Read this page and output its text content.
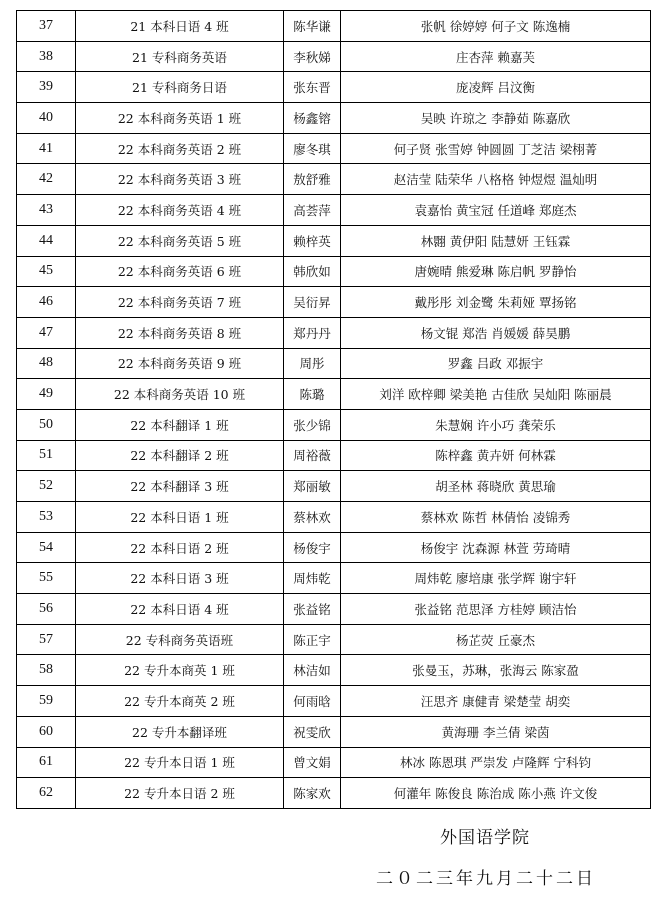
37	21 本科日语 4 班	陈华谦	张帆 徐婷婷 何子文 陈逸楠
38	21 专科商务英语	李秋娣	庄杏萍 赖嘉芙
39	21 专科商务日语	张东晋	庞凌辉 吕汶衡
40	22 本科商务英语 1 班	杨鑫镕	吴映 许琼之 李静茹 陈嘉欣
41	22 本科商务英语 2 班	廖冬琪	何子贤 张雪婷 钟圆圆 丁芝洁 梁栩菁
42	22 本科商务英语 3 班	敖舒雅	赵洁莹 陆荣华 八格格 钟煜煜 温灿明
43	22 本科商务英语 4 班	高荟萍	袁嘉怡 黄宝冠 任道峰 郑庭杰
44	22 本科商务英语 5 班	赖梓英	林翾 黄伊阳 陆慧妍 王钰霖
45	22 本科商务英语 6 班	韩欣如	唐婉晴 熊爱琳 陈启帆 罗静怡
46	22 本科商务英语 7 班	吴衍昇	戴彤彤 刘金鹭 朱莉娅 覃扬铭
47	22 本科商务英语 8 班	郑丹丹	杨文锟 郑浩 肖媛媛 薛昊鹏
48	22 本科商务英语 9 班	周彤	罗鑫 吕政 邓振宇
49	22 本科商务英语 10 班	陈璐	刘洋 欧梓卿 梁美艳 古佳欣 吴灿阳 陈丽晨
50	22 本科翻译 1 班	张少锦	朱慧娴 许小巧 龚荣乐
51	22 本科翻译 2 班	周裕薇	陈梓鑫 黄卉妍 何林霖
52	22 本科翻译 3 班	郑丽敏	胡圣林 蒋晓欣 黄思瑜
53	22 本科日语 1 班	蔡林欢	蔡林欢 陈哲 林倩怡 凌锦秀
54	22 本科日语 2 班	杨俊宇	杨俊宇 沈森源 林萱 劳琦晴
55	22 本科日语 3 班	周炜乾	周炜乾 廖培康 张学辉 谢宇轩
56	22 本科日语 4 班	张益铭	张益铭 范思泽 方桂婷 顾洁怡
57	22 专科商务英语班	陈正宇	杨芷荧 丘豪杰
58	22 专升本商英 1 班	林洁如	张曼玉，苏琳，张海云 陈家盈
59	22 专升本商英 2 班	何雨晗	汪思齐 康健青 梁楚莹 胡奕
60	22 专升本翻译班	祝雯欣	黄海珊 李兰倩 梁茵
61	22 专升本日语 1 班	曾文娟	林冰 陈恩琪 严崇发 卢隆辉 宁科钧
62	22 专升本日语 2 班	陈家欢	何灌年 陈俊良 陈治成 陈小燕 许文俊
外国语学院
二０二三年九月二十二日
